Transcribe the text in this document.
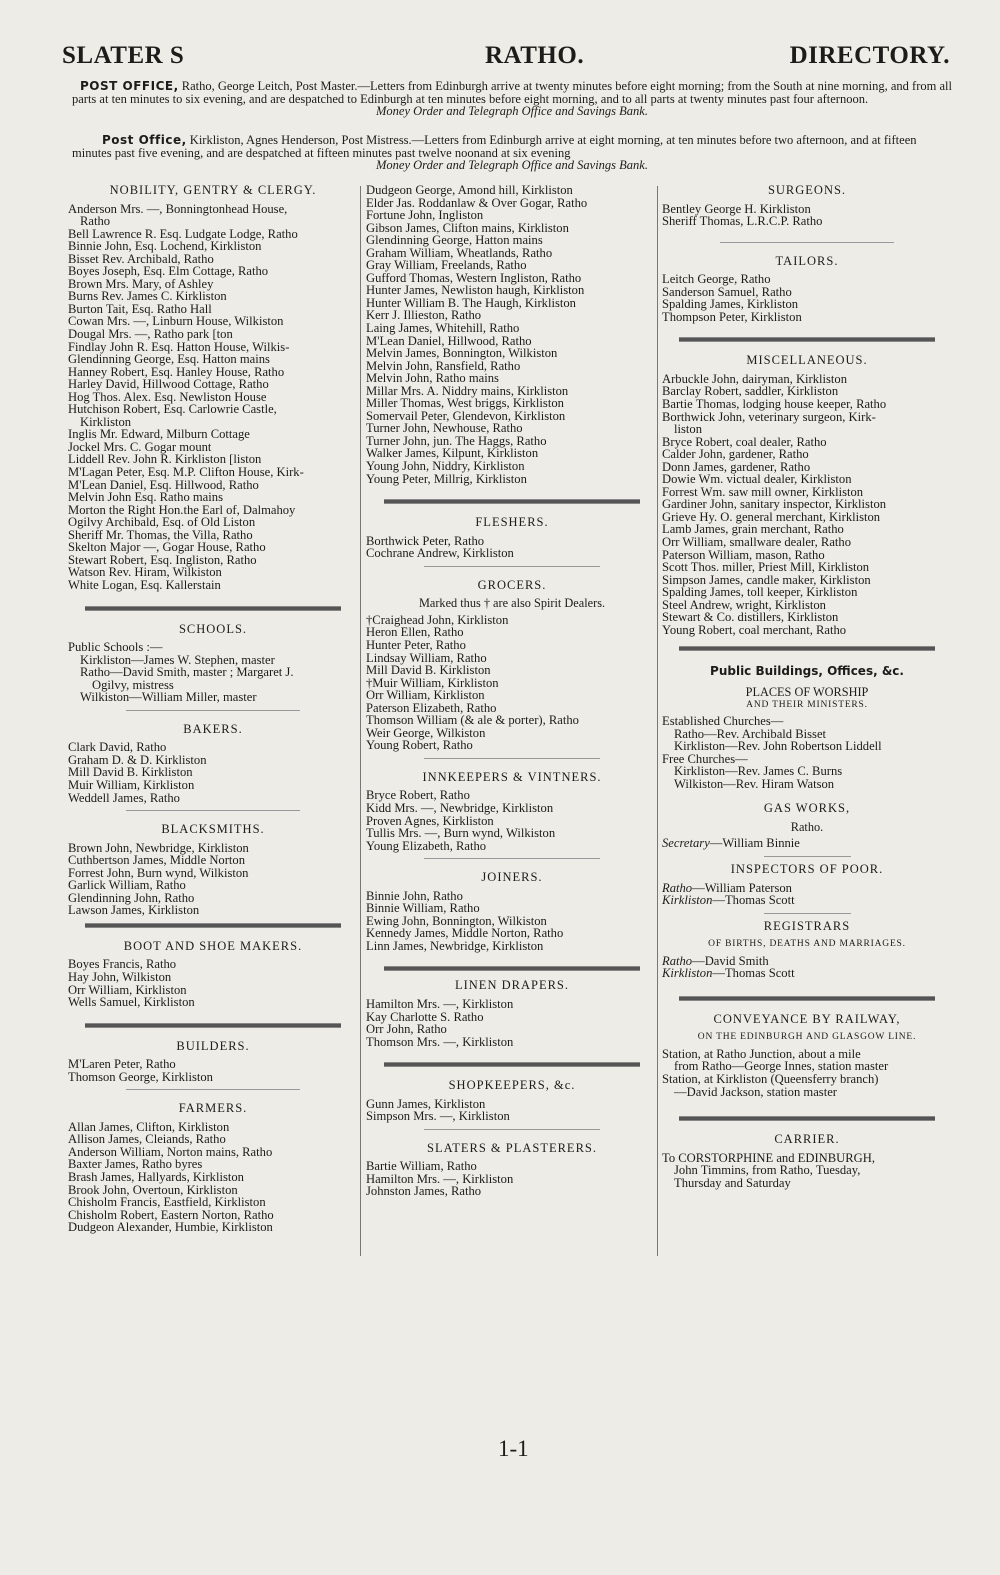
SLATER S	RATHO.	DIRECTORY.
POST OFFICE, Ratho, George Leitch, Post Master.—Letters from Edinburgh arrive at twenty minutes before eight morning; from the South at nine morning, and from all parts at ten minutes to six evening, and are despatched to Edinburgh at ten minutes before eight morning, and to all parts at twenty minutes past four afternoon.
Money Order and Telegraph Office and Savings Bank.
Post Office, Kirkliston, Agnes Henderson, Post Mistress.—Letters from Edinburgh arrive at eight morning, at ten minutes before two afternoon, and at fifteen minutes past five evening, and are despatched at fifteen minutes past twelve noonand at six evening
Money Order and Telegraph Office and Savings Bank.
NOBILITY, GENTRY & CLERGY.
Anderson Mrs. —, Bonningtonhead House,
Ratho
Bell Lawrence R. Esq. Ludgate Lodge, Ratho
Binnie John, Esq. Lochend, Kirkliston
Bisset Rev. Archibald, Ratho
Boyes Joseph, Esq. Elm Cottage, Ratho
Brown Mrs. Mary, of Ashley
Burns Rev. James C. Kirkliston
Burton Tait, Esq. Ratho Hall
Cowan Mrs. —, Linburn House, Wilkiston
Dougal Mrs. —, Ratho park [ton
Findlay John R. Esq. Hatton House, Wilkis-
Glendinning George, Esq. Hatton mains
Hanney Robert, Esq. Hanley House, Ratho
Harley David, Hillwood Cottage, Ratho
Hog Thos. Alex. Esq. Newliston House
Hutchison Robert, Esq. Carlowrie Castle,
Kirkliston
Inglis Mr. Edward, Milburn Cottage
Jockel Mrs. C. Gogar mount
Liddell Rev. John R. Kirkliston [liston
M'Lagan Peter, Esq. M.P. Clifton House, Kirk-
M'Lean Daniel, Esq. Hillwood, Ratho
Melvin John Esq. Ratho mains
Morton the Right Hon.the Earl of, Dalmahoy
Ogilvy Archibald, Esq. of Old Liston
Sheriff Mr. Thomas, the Villa, Ratho
Skelton Major —, Gogar House, Ratho
Stewart Robert, Esq. Ingliston, Ratho
Watson Rev. Hiram, Wilkiston
White Logan, Esq. Kallerstain
SCHOOLS.
Public Schools :—
Kirkliston—James W. Stephen, master
Ratho—David Smith, master ; Margaret J.
Ogilvy, mistress
Wilkiston—William Miller, master
BAKERS.
Clark David, Ratho
Graham D. & D. Kirkliston
Mill David B. Kirkliston
Muir William, Kirkliston
Weddell James, Ratho
BLACKSMITHS.
Brown John, Newbridge, Kirkliston
Cuthbertson James, Middle Norton
Forrest John, Burn wynd, Wilkiston
Garlick William, Ratho
Glendinning John, Ratho
Lawson James, Kirkliston
BOOT AND SHOE MAKERS.
Boyes Francis, Ratho
Hay John, Wilkiston
Orr William, Kirkliston
Wells Samuel, Kirkliston
BUILDERS.
M'Laren Peter, Ratho
Thomson George, Kirkliston
FARMERS.
Allan James, Clifton, Kirkliston
Allison James, Cleiands, Ratho
Anderson William, Norton mains, Ratho
Baxter James, Ratho byres
Brash James, Hallyards, Kirkliston
Brook John, Overtoun, Kirkliston
Chisholm Francis, Eastfield, Kirkliston
Chisholm Robert, Eastern Norton, Ratho
Dudgeon Alexander, Humbie, Kirkliston
Dudgeon George, Amond hill, Kirkliston
Elder Jas. Roddanlaw & Over Gogar, Ratho
Fortune John, Ingliston
Gibson James, Clifton mains, Kirkliston
Glendinning George, Hatton mains
Graham William, Wheatlands, Ratho
Gray William, Freelands, Ratho
Gufford Thomas, Western Ingliston, Ratho
Hunter James, Newliston haugh, Kirkliston
Hunter William B. The Haugh, Kirkliston
Kerr J. Illieston, Ratho
Laing James, Whitehill, Ratho
M'Lean Daniel, Hillwood, Ratho
Melvin James, Bonnington, Wilkiston
Melvin John, Ransfield, Ratho
Melvin John, Ratho mains
Millar Mrs. A. Niddry mains, Kirkliston
Miller Thomas, West briggs, Kirkliston
Somervail Peter, Glendevon, Kirkliston
Turner John, Newhouse, Ratho
Turner John, jun. The Haggs, Ratho
Walker James, Kilpunt, Kirkliston
Young John, Niddry, Kirkliston
Young Peter, Millrig, Kirkliston
FLESHERS.
Borthwick Peter, Ratho
Cochrane Andrew, Kirkliston
GROCERS.
Marked thus † are also Spirit Dealers.
†Craighead John, Kirkliston
Heron Ellen, Ratho
Hunter Peter, Ratho
Lindsay William, Ratho
Mill David B. Kirkliston
†Muir William, Kirkliston
Orr William, Kirkliston
Paterson Elizabeth, Ratho
Thomson William (& ale & porter), Ratho
Weir George, Wilkiston
Young Robert, Ratho
INNKEEPERS & VINTNERS.
Bryce Robert, Ratho
Kidd Mrs. —, Newbridge, Kirkliston
Proven Agnes, Kirkliston
Tullis Mrs. —, Burn wynd, Wilkiston
Young Elizabeth, Ratho
JOINERS.
Binnie John, Ratho
Binnie William, Ratho
Ewing John, Bonnington, Wilkiston
Kennedy James, Middle Norton, Ratho
Linn James, Newbridge, Kirkliston
LINEN DRAPERS.
Hamilton Mrs. —, Kirkliston
Kay Charlotte S. Ratho
Orr John, Ratho
Thomson Mrs. —, Kirkliston
SHOPKEEPERS, &c.
Gunn James, Kirkliston
Simpson Mrs. —, Kirkliston
SLATERS & PLASTERERS.
Bartie William, Ratho
Hamilton Mrs. —, Kirkliston
Johnston James, Ratho
SURGEONS.
Bentley George H. Kirkliston
Sheriff Thomas, L.R.C.P. Ratho
TAILORS.
Leitch George, Ratho
Sanderson Samuel, Ratho
Spalding James, Kirkliston
Thompson Peter, Kirkliston
MISCELLANEOUS.
Arbuckle John, dairyman, Kirkliston
Barclay Robert, saddler, Kirkliston
Bartie Thomas, lodging house keeper, Ratho
Borthwick John, veterinary surgeon, Kirk-
liston
Bryce Robert, coal dealer, Ratho
Calder John, gardener, Ratho
Donn James, gardener, Ratho
Dowie Wm. victual dealer, Kirkliston
Forrest Wm. saw mill owner, Kirkliston
Gardiner John, sanitary inspector, Kirkliston
Grieve Hy. O. general merchant, Kirkliston
Lamb James, grain merchant, Ratho
Orr William, smallware dealer, Ratho
Paterson William, mason, Ratho
Scott Thos. miller, Priest Mill, Kirkliston
Simpson James, candle maker, Kirkliston
Spalding James, toll keeper, Kirkliston
Steel Andrew, wright, Kirkliston
Stewart & Co. distillers, Kirkliston
Young Robert, coal merchant, Ratho
Public Buildings, Offices, &c.
PLACES OF WORSHIP
AND THEIR MINISTERS.
Established Churches—
Ratho—Rev. Archibald Bisset
Kirkliston—Rev. John Robertson Liddell
Free Churches—
Kirkliston—Rev. James C. Burns
Wilkiston—Rev. Hiram Watson
GAS WORKS,
Ratho.
Secretary—William Binnie
INSPECTORS OF POOR.
Ratho—William Paterson
Kirkliston—Thomas Scott
REGISTRARS
OF BIRTHS, DEATHS AND MARRIAGES.
Ratho—David Smith
Kirkliston—Thomas Scott
CONVEYANCE BY RAILWAY,
ON THE EDINBURGH AND GLASGOW LINE.
Station, at Ratho Junction, about a mile
from Ratho—George Innes, station master
Station, at Kirkliston (Queensferry branch)
—David Jackson, station master
CARRIER.
To CORSTORPHINE and EDINBURGH,
John Timmins, from Ratho, Tuesday,
Thursday and Saturday
1-1
